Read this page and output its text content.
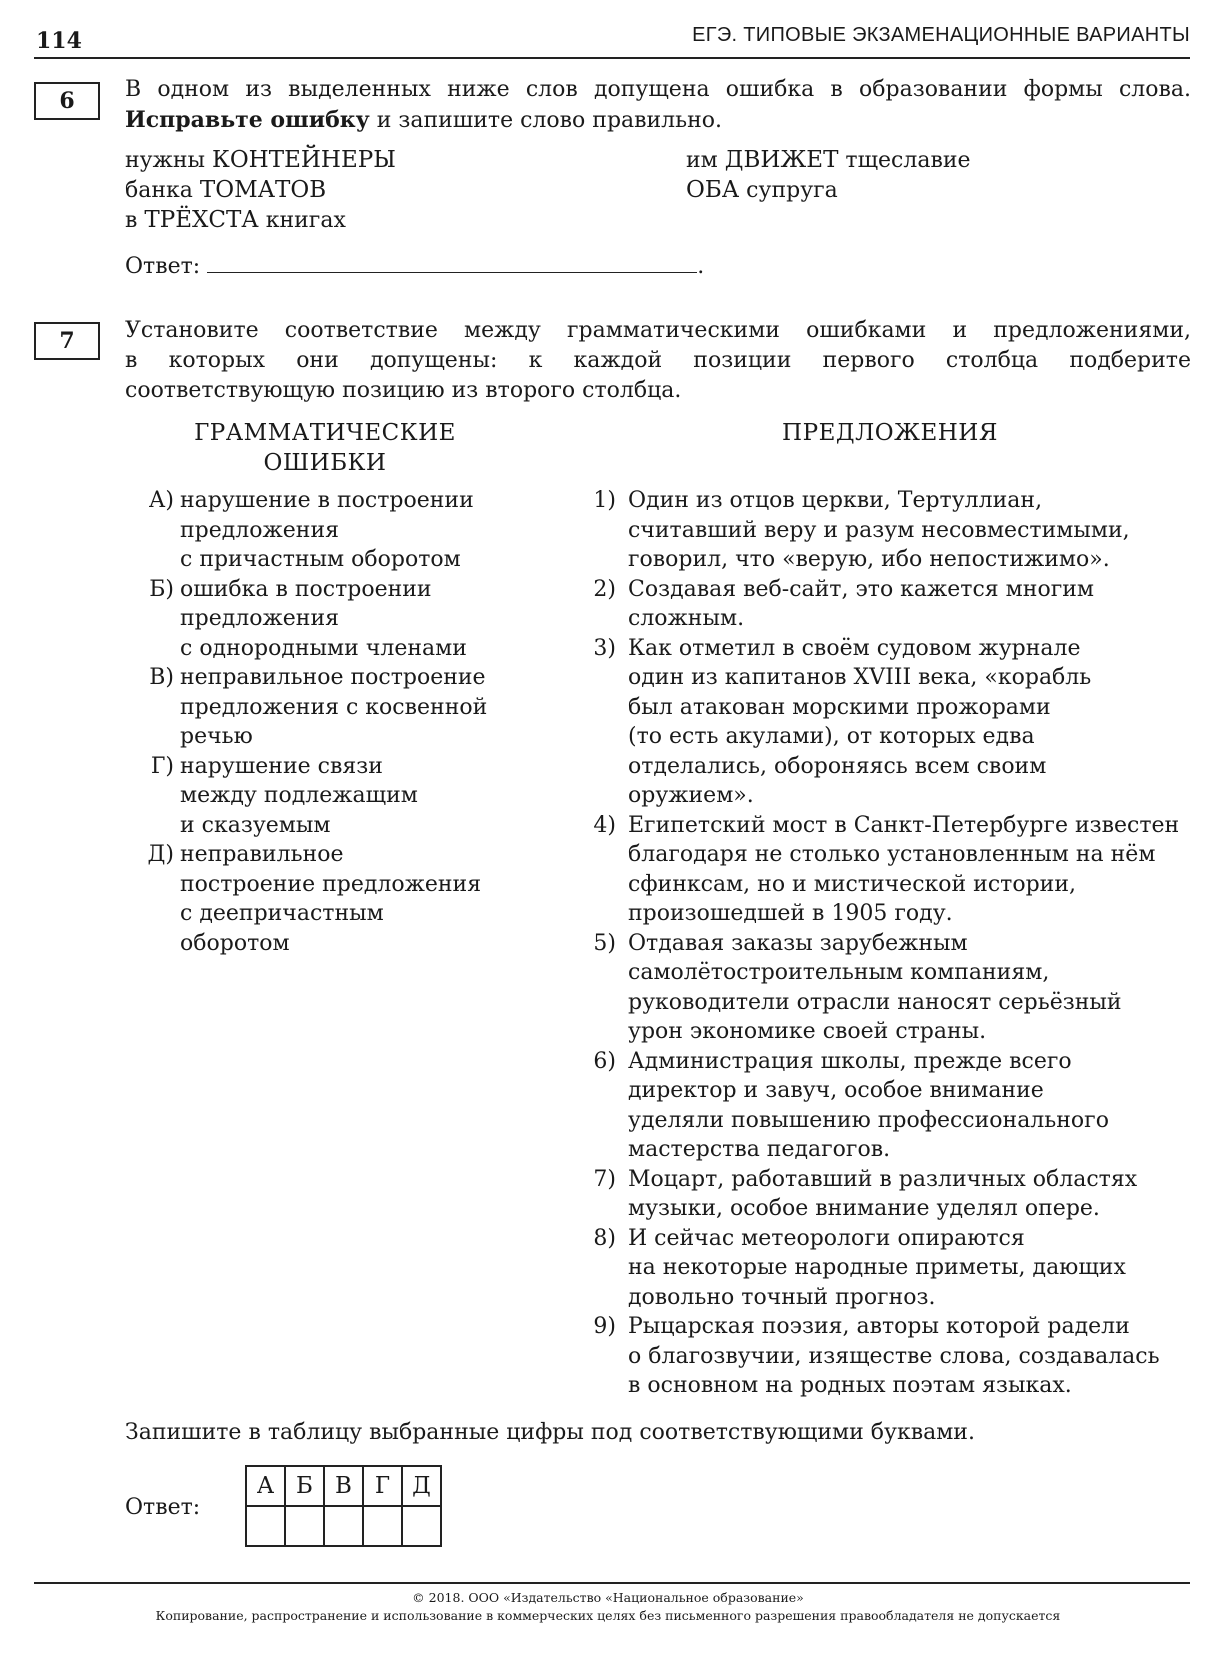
114	ЕГЭ. ТИПОВЫЕ ЭКЗАМЕНАЦИОННЫЕ ВАРИАНТЫ
6	В одном из выделенных ниже слов допущена ошибка в образовании формы слова.
Исправьте ошибку и запишите слово правильно.
нужны КОНТЕЙНЕРЫ
банка ТОМАТОВ
в ТРЁХСТА книгах
им ДВИЖЕТ тщеславие
ОБА супруга
Ответ:	.
7	Установите соответствие между грамматическими ошибками и предложениями,
в которых они допущены: к каждой позиции первого столбца подберите
соответствующую позицию из второго столбца.
ГРАММАТИЧЕСКИЕ
ОШИБКИ
ПРЕДЛОЖЕНИЯ
А) нарушение в построении
предложения
с причастным оборотом
Б) ошибка в построении
предложения
с однородными членами
В) неправильное построение
предложения с косвенной
речью
Г) нарушение связи
между подлежащим
и сказуемым
Д) неправильное
построение предложения
с деепричастным
оборотом
1) Один из отцов церкви, Тертуллиан,
считавший веру и разум несовместимыми,
говорил, что «верую, ибо непостижимо».
2) Создавая веб-сайт, это кажется многим
сложным.
3) Как отметил в своём судовом журнале
один из капитанов XVIII века, «корабль
был атакован морскими прожорами
(то есть акулами), от которых едва
отделались, обороняясь всем своим
оружием».
4) Египетский мост в Санкт-Петербурге известен
благодаря не столько установленным на нём
сфинксам, но и мистической истории,
произошедшей в 1905 году.
5) Отдавая заказы зарубежным
самолётостроительным компаниям,
руководители отрасли наносят серьёзный
урон экономике своей страны.
6) Администрация школы, прежде всего
директор и завуч, особое внимание
уделяли повышению профессионального
мастерства педагогов.
7) Моцарт, работавший в различных областях
музыки, особое внимание уделял опере.
8) И сейчас метеорологи опираются
на некоторые народные приметы, дающих
довольно точный прогноз.
9) Рыцарская поэзия, авторы которой радели
о благозвучии, изяществе слова, создавалась
в основном на родных поэтам языках.
Запишите в таблицу выбранные цифры под соответствующими буквами.
Ответ:
А	Б	В	Г	Д

© 2018. ООО «Издательство «Национальное образование»
Копирование, распространение и использование в коммерческих целях без письменного разрешения правообладателя не допускается
